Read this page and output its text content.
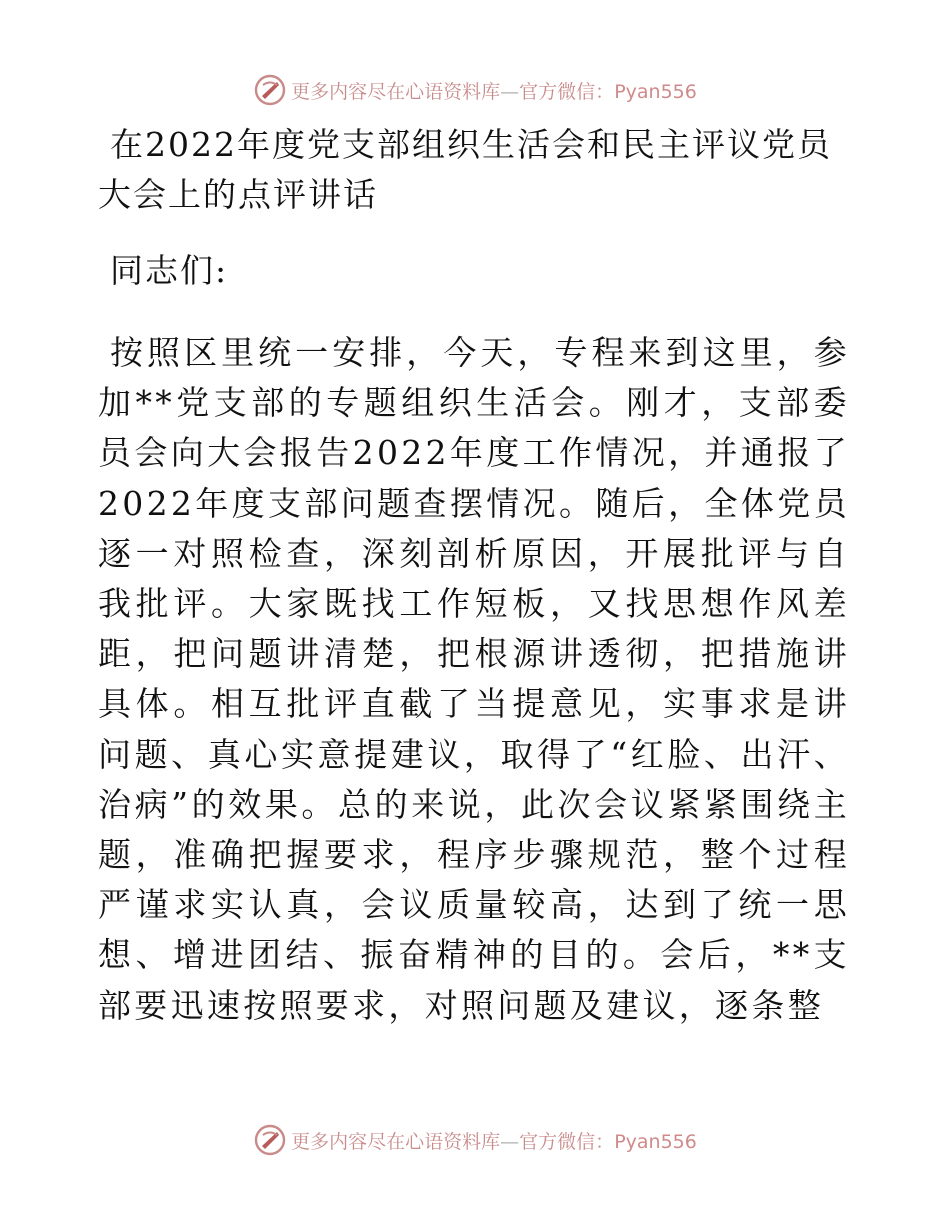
更多内容尽在心语资料库—官方微信：Pyan556
在2022年度党支部组织生活会和民主评议党员大会上的点评讲话

同志们:

按照区里统一安排，今天，专程来到这里，参加**党支部的专题组织生活会。刚才，支部委员会向大会报告2022年度工作情况，并通报了2022年度支部问题查摆情况。随后，全体党员逐一对照检查，深刻剖析原因，开展批评与自我批评。大家既找工作短板，又找思想作风差距，把问题讲清楚，把根源讲透彻，把措施讲具体。相互批评直截了当提意见，实事求是讲问题、真心实意提建议，取得了“红脸、出汗、治病”的效果。总的来说，此次会议紧紧围绕主题，准确把握要求，程序步骤规范，整个过程严谨求实认真，会议质量较高，达到了统一思想、增进团结、振奋精神的目的。会后，**支部要迅速按照要求，对照问题及建议，逐条整

更多内容尽在心语资料库—官方微信：Pyan556
